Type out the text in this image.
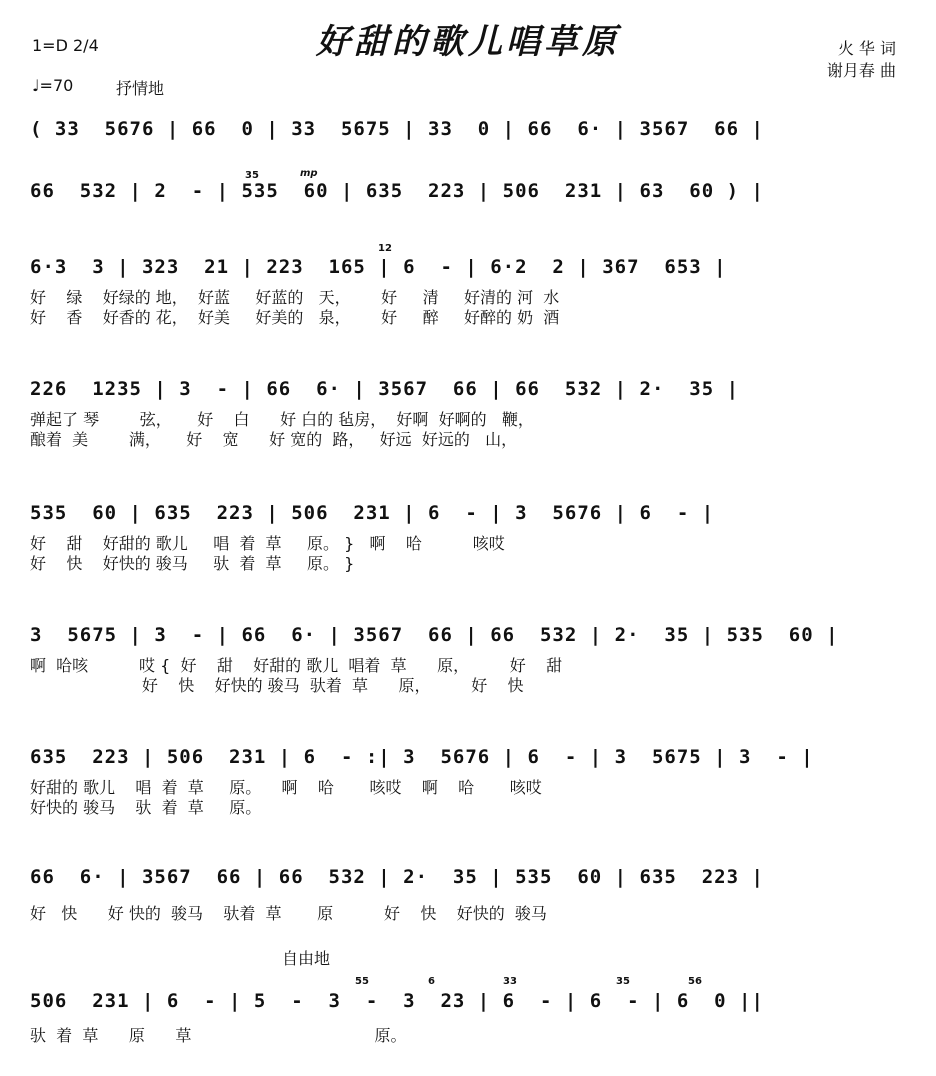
1=D 2/4
♩=70	抒情地
好甜的歌儿唱草原	火 华 词
谢月春 曲
mp
35
12
55	6	33	35	56
( 33  5676 | 66  0 | 33  5675 | 33  0 | 66  6· | 3567  66 |
66  532 | 2  - | 535  60 | 635  223 | 506  231 | 63  60 ) |
6·3  3 | 323  21 | 223  165 | 6  - | 6·2  2 | 367  653 |
好    绿    好绿的 地，  好蓝     好蓝的   天，      好     清     好清的 河  水
好    香    好香的 花，  好美     好美的   泉，      好     醉     好醉的 奶  酒
226  1235 | 3  - | 66  6· | 3567  66 | 66  532 | 2·  35 |
弹起了 琴        弦，     好    白      好 白的 毡房，  好啊  好啊的   鞭，
酿着  美        满，     好    宽      好 宽的  路，   好远  好远的   山，
535  60 | 635  223 | 506  231 | 6  - | 3  5676 | 6  - |
好    甜    好甜的 歌儿     唱  着  草     原。 }   啊    哈          咳哎
好    快    好快的 骏马     驮  着  草     原。 }
3  5675 | 3  - | 66  6· | 3567  66 | 66  532 | 2·  35 | 535  60 |
啊  哈咳          哎 {  好    甜    好甜的 歌儿  唱着  草      原，        好    甜
好    快    好快的 骏马  驮着  草      原，        好    快
635  223 | 506  231 | 6  - :| 3  5676 | 6  - | 3  5675 | 3  - |
好甜的 歌儿    唱  着  草     原。    啊    哈       咳哎    啊    哈       咳哎
好快的 骏马    驮  着  草     原。
66  6· | 3567  66 | 66  532 | 2·  35 | 535  60 | 635  223 |
好   快      好 快的  骏马    驮着  草       原          好    快    好快的  骏马
自由地
506  231 | 6  - | 5  -  3  -  3  23 | 6  - | 6  - | 6  0 ||
驮  着  草      原      草                                    原。
